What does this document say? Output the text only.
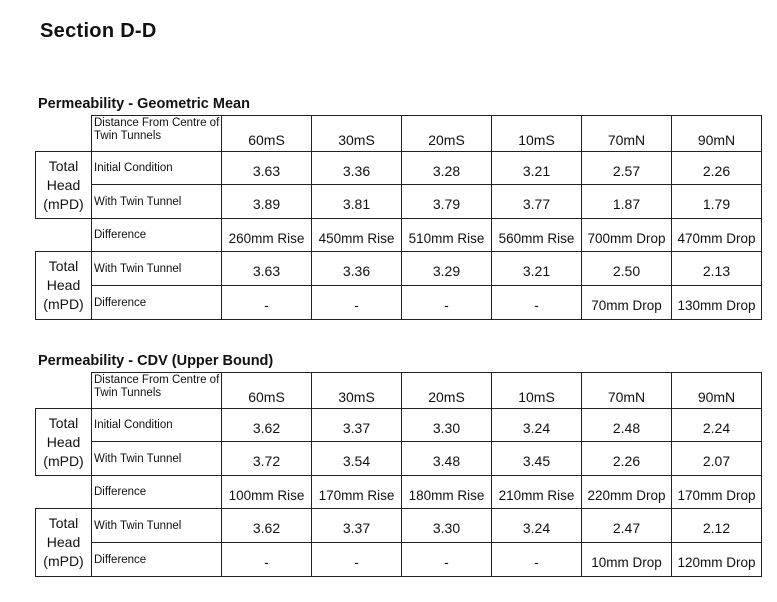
Section D-D
Permeability - Geometric Mean
	Distance From Centre of Twin Tunnels	60mS	30mS	20mS	10mS	70mN	90mN
Total
Head
(mPD)	Initial Condition	3.63	3.36	3.28	3.21	2.57	2.26
	With Twin Tunnel	3.89	3.81	3.79	3.77	1.87	1.79
	Difference	260mm Rise	450mm Rise	510mm Rise	560mm Rise	700mm Drop	470mm Drop
Total
Head
(mPD)	With Twin Tunnel	3.63	3.36	3.29	3.21	2.50	2.13
	Difference	-	-	-	-	70mm Drop	130mm Drop
Permeability - CDV (Upper Bound)
	Distance From Centre of Twin Tunnels	60mS	30mS	20mS	10mS	70mN	90mN
Total
Head
(mPD)	Initial Condition	3.62	3.37	3.30	3.24	2.48	2.24
	With Twin Tunnel	3.72	3.54	3.48	3.45	2.26	2.07
	Difference	100mm Rise	170mm Rise	180mm Rise	210mm Rise	220mm Drop	170mm Drop
Total
Head
(mPD)	With Twin Tunnel	3.62	3.37	3.30	3.24	2.47	2.12
	Difference	-	-	-	-	10mm Drop	120mm Drop
